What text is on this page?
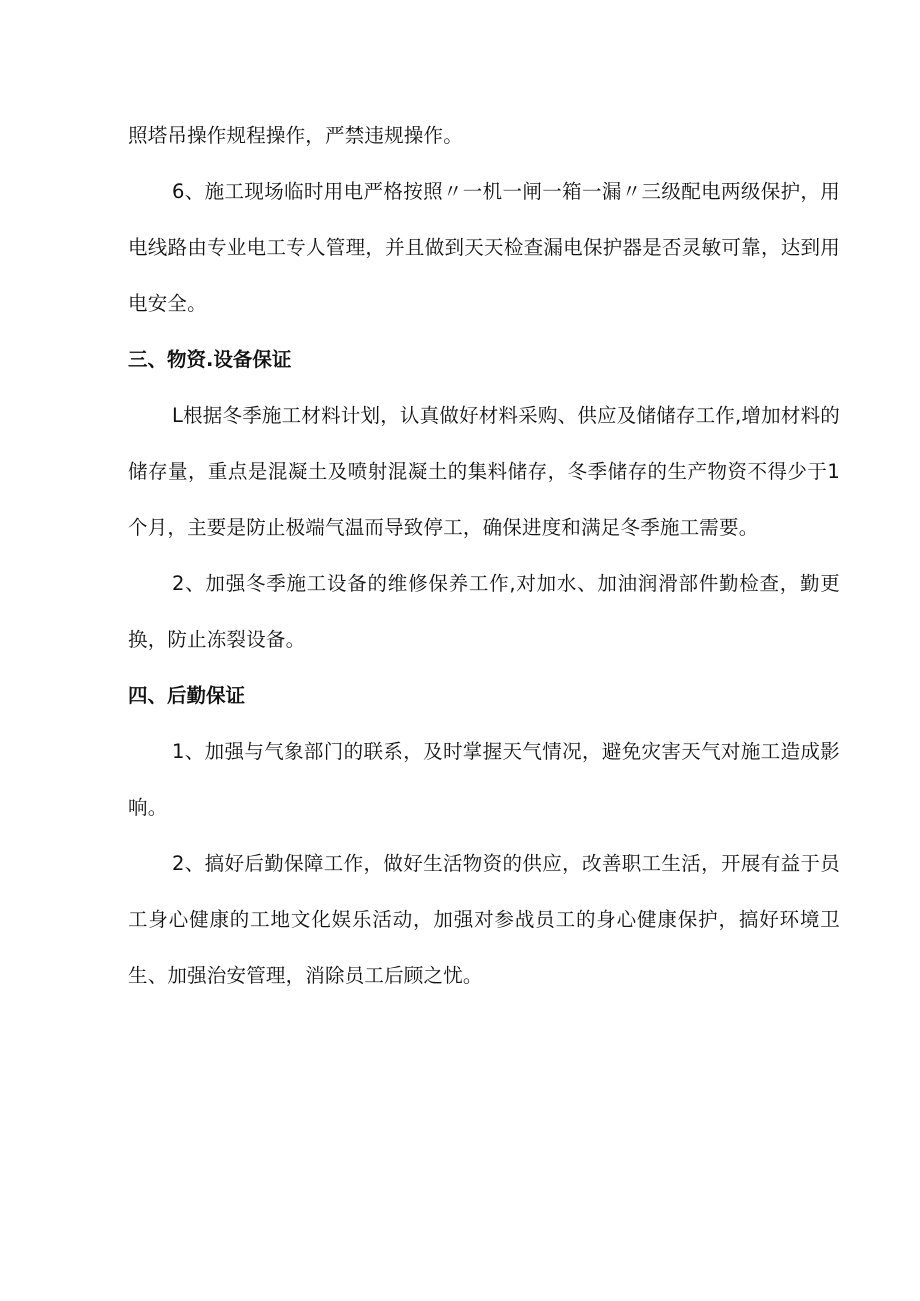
照塔吊操作规程操作，严禁违规操作。

6、施工现场临时用电严格按照〃一机一闸一箱一漏〃三级配电两级保护，用电线路由专业电工专人管理，并且做到天天检查漏电保护器是否灵敏可靠，达到用电安全。

三、物资.设备保证

L根据冬季施工材料计划，认真做好材料采购、供应及储储存工作,增加材料的储存量，重点是混凝土及喷射混凝土的集料储存，冬季储存的生产物资不得少于1个月，主要是防止极端气温而导致停工，确保进度和满足冬季施工需要。

2、加强冬季施工设备的维修保养工作,对加水、加油润滑部件勤检查，勤更换，防止冻裂设备。

四、后勤保证

1、加强与气象部门的联系，及时掌握天气情况，避免灾害天气对施工造成影响。

2、搞好后勤保障工作，做好生活物资的供应，改善职工生活，开展有益于员工身心健康的工地文化娱乐活动，加强对参战员工的身心健康保护，搞好环境卫生、加强治安管理，消除员工后顾之忧。
